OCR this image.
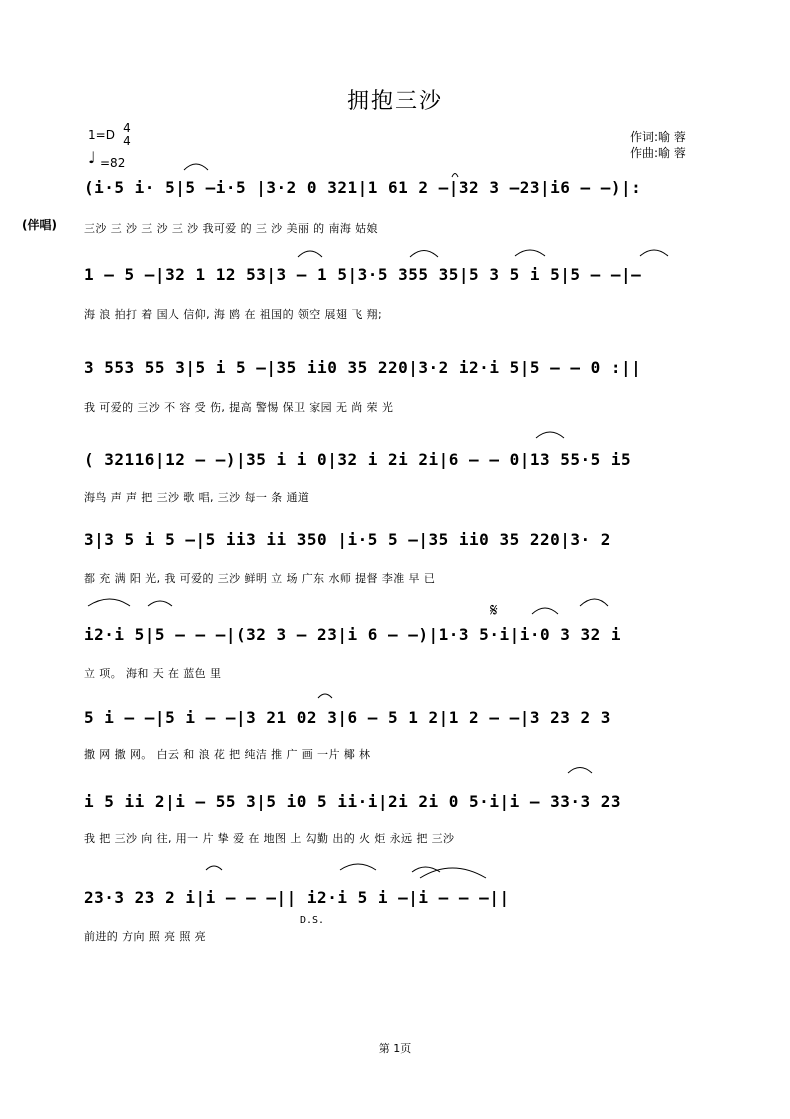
拥抱三沙
1=D 4
4
♩ =82
作词:喻 蓉
作曲:喻 蓉
(伴唱)
(i·5 i· 5|5 –i·5 |3·2 0 321|1 61 2 –|32 3 –23|i6 – –)|:
三沙 三 沙 三 沙 三 沙 我可爱 的 三 沙 美丽 的 南海 姑娘
1 – 5 –|32 1 12 53|3 – 1 5|3·5 355 35|5 3 5 i 5|5 – –|–
海 浪 拍打 着 国人 信仰, 海 鸥 在 祖国的 领空 展翅 飞 翔;
3 553 55 3|5 i 5 –|35 ii0 35 220|3·2 i2·i 5|5 – – 0 :||
我 可爱的 三沙 不 容 受 伤, 提高 警惕 保卫 家园 无 尚 荣 光
( 32116|12 – –)|35 i i 0|32 i 2i 2i|6 – – 0|13 55·5 i5
海鸟 声 声 把 三沙 歌 唱, 三沙 每一 条 通道
3|3 5 i 5 –|5 ii3 ii 350 |i·5 5 –|35 ii0 35 220|3· 2
都 充 满 阳 光, 我 可爱的 三沙 鲜明 立 场 广东 水师 提督 李准 早 已
i2·i 5|5 – – –|(32 3 – 23|i 6 – –)|1·3 5·i|i·0 3 32 i
立 项。 海和 天 在 蓝色 里
5 i – –|5 i – –|3 21 02 3|6 – 5 1 2|1 2 – –|3 23 2 3
撒 网 撒 网。 白云 和 浪 花 把 纯洁 推 广 画 一片 椰 林
i 5 ii 2|i – 55 3|5 i0 5 ii·i|2i 2i 0 5·i|i – 33·3 23
我 把 三沙 向 往, 用一 片 挚 爱 在 地图 上 勾勤 出的 火 炬 永远 把 三沙
23·3 23 2 i|i – – –|| i2·i 5 i –|i – – –||
前进的 方向 照 亮 照 亮
D.S.
𝄋
第 1页
